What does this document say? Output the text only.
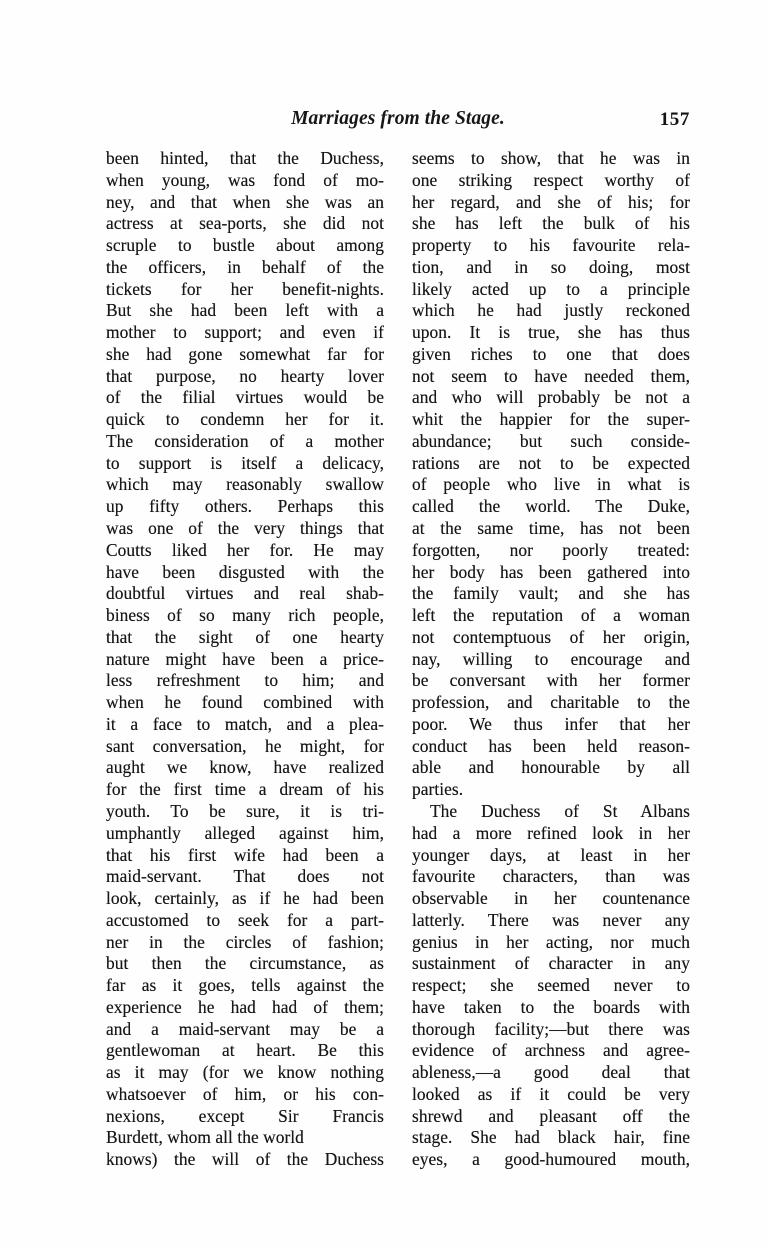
Marriages from the Stage.	157
been hinted, that the Duchess,
when young, was fond of mo-
ney, and that when she was an
actress at sea-ports, she did not
scruple to bustle about among
the officers, in behalf of the
tickets for her benefit-nights.
But she had been left with a
mother to support; and even if
she had gone somewhat far for
that purpose, no hearty lover
of the filial virtues would be
quick to condemn her for it.
The consideration of a mother
to support is itself a delicacy,
which may reasonably swallow
up fifty others. Perhaps this
was one of the very things that
Coutts liked her for. He may
have been disgusted with the
doubtful virtues and real shab-
biness of so many rich people,
that the sight of one hearty
nature might have been a price-
less refreshment to him; and
when he found combined with
it a face to match, and a plea-
sant conversation, he might, for
aught we know, have realized
for the first time a dream of his
youth. To be sure, it is tri-
umphantly alleged against him,
that his first wife had been a
maid-servant. That does not
look, certainly, as if he had been
accustomed to seek for a part-
ner in the circles of fashion;
but then the circumstance, as
far as it goes, tells against the
experience he had had of them;
and a maid-servant may be a
gentlewoman at heart. Be this
as it may (for we know nothing
whatsoever of him, or his con-
nexions, except Sir Francis
Burdett, whom all the world
knows) the will of the Duchess
seems to show, that he was in
one striking respect worthy of
her regard, and she of his; for
she has left the bulk of his
property to his favourite rela-
tion, and in so doing, most
likely acted up to a principle
which he had justly reckoned
upon. It is true, she has thus
given riches to one that does
not seem to have needed them,
and who will probably be not a
whit the happier for the super-
abundance; but such conside-
rations are not to be expected
of people who live in what is
called the world. The Duke,
at the same time, has not been
forgotten, nor poorly treated:
her body has been gathered into
the family vault; and she has
left the reputation of a woman
not contemptuous of her origin,
nay, willing to encourage and
be conversant with her former
profession, and charitable to the
poor. We thus infer that her
conduct has been held reason-
able and honourable by all
parties.
The Duchess of St Albans
had a more refined look in her
younger days, at least in her
favourite characters, than was
observable in her countenance
latterly. There was never any
genius in her acting, nor much
sustainment of character in any
respect; she seemed never to
have taken to the boards with
thorough facility;—but there was
evidence of archness and agree-
ableness,—a good deal that
looked as if it could be very
shrewd and pleasant off the
stage. She had black hair, fine
eyes, a good-humoured mouth,
